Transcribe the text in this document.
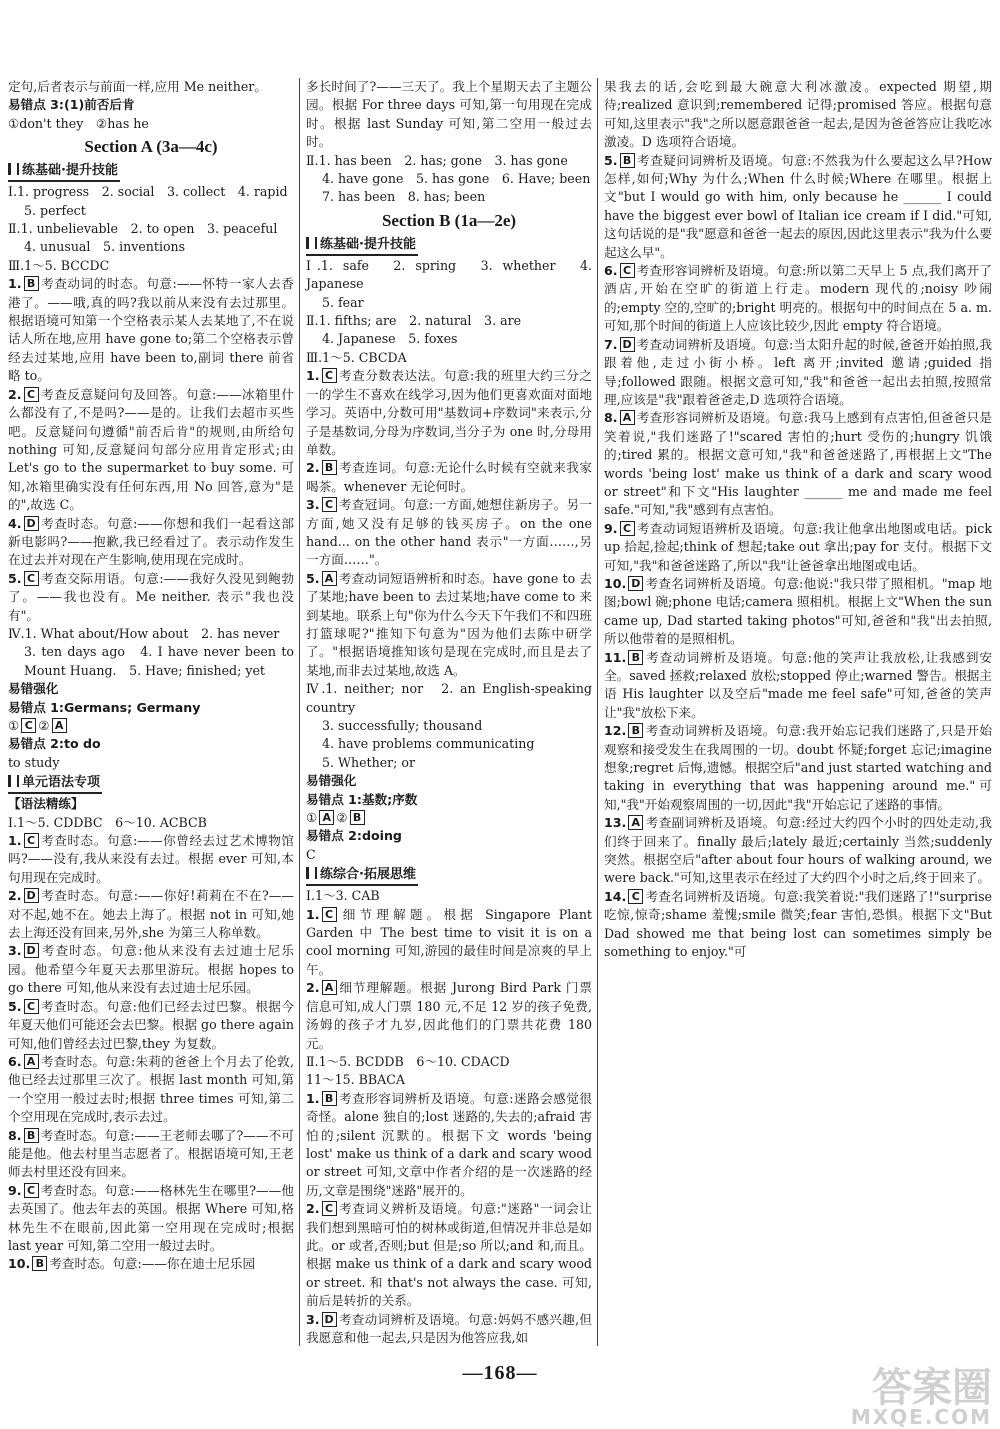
定句,后者表示与前面一样,应用 Me neither。
易错点 3:(1)前否后肯
①don't they　②has he
Section A (3a—4c)
练基础·提升技能
Ⅰ.1. progress　2. social　3. collect　4. rapid
5. perfect
Ⅱ.1. unbelievable　2. to open　3. peaceful
4. unusual　5. inventions
Ⅲ.1～5. BCCDC
1. B 考查动词的时态。句意:——怀特一家人去香港了。——哦,真的吗?我以前从来没有去过那里。根据语境可知第一个空格表示某人去某地了,不在说话人所在地,应用 have gone to;第二个空格表示曾经去过某地,应用 have been to,副词 there 前省略 to。
2. C 考查反意疑问句及回答。句意:——冰箱里什么都没有了,不是吗?——是的。让我们去超市买些吧。反意疑问句遵循"前否后肯"的规则,由所给句 nothing 可知,反意疑问句部分应用肯定形式;由 Let's go to the supermarket to buy some. 可知,冰箱里确实没有任何东西,用 No 回答,意为"是的",故选 C。
4. D 考查时态。句意:——你想和我们一起看这部新电影吗?——抱歉,我已经看过了。表示动作发生在过去并对现在产生影响,使用现在完成时。
5. C 考查交际用语。句意:——我好久没见到鲍勃了。——我也没有。Me neither. 表示"我也没有"。
Ⅳ.1. What about/How about　2. has never
3. ten days ago　4. I have never been to Mount Huang.　5. Have; finished; yet
易错强化
易错点 1:Germans; Germany
① C ② A
易错点 2:to do
to study
单元语法专项
【语法精练】
Ⅰ.1～5. CDDBC　6～10. ACBCB
1. C 考查时态。句意:——你曾经去过艺术博物馆吗?——没有,我从来没有去过。根据 ever 可知,本句用现在完成时。
2. D 考查时态。句意:——你好!莉莉在不在?——对不起,她不在。她去上海了。根据 not in 可知,她去上海还没有回来,另外,she 为第三人称单数。
3. D 考查时态。句意:他从来没有去过迪士尼乐园。他希望今年夏天去那里游玩。根据 hopes to go there 可知,他从来没有去过迪士尼乐园。
5. C 考查时态。句意:他们已经去过巴黎。根据今年夏天他们可能还会去巴黎。根据 go there again 可知,他们曾经去过巴黎,they 为复数。
6. A 考查时态。句意:朱莉的爸爸上个月去了伦敦,他已经去过那里三次了。根据 last month 可知,第一个空用一般过去时;根据 three times 可知,第二个空用现在完成时,表示去过。
8. B 考查时态。句意:——王老师去哪了?——不可能是他。他去村里当志愿者了。根据语境可知,王老师去村里还没有回来。
9. C 考查时态。句意:——格林先生在哪里?——他去英国了。他去年去的英国。根据 Where 可知,格林先生不在眼前,因此第一空用现在完成时;根据 last year 可知,第二空用一般过去时。
10. B 考查时态。句意:——你在迪士尼乐园
多长时间了?——三天了。我上个星期天去了主题公园。根据 For three days 可知,第一句用现在完成时。根据 last Sunday 可知,第二空用一般过去时。
Ⅱ.1. has been　2. has; gone　3. has gone
4. have gone　5. has gone　6. Have; been
7. has been　8. has; been
Section B (1a—2e)
练基础·提升技能
Ⅰ.1. safe　2. spring　3. whether　4. Japanese
5. fear
Ⅱ.1. fifths; are　2. natural　3. are
4. Japanese　5. foxes
Ⅲ.1～5. CBCDA
1. C 考查分数表达法。句意:我的班里大约三分之一的学生不喜欢在线学习,因为他们更喜欢面对面地学习。英语中,分数可用"基数词+序数词"来表示,分子是基数词,分母为序数词,当分子为 one 时,分母用单数。
2. B 考查连词。句意:无论什么时候有空就来我家喝茶。whenever 无论何时。
3. C 考查冠词。句意:一方面,她想住新房子。另一方面,她又没有足够的钱买房子。on the one hand... on the other hand 表示"一方面……,另一方面……"。
5. A 考查动词短语辨析和时态。have gone to 去了某地;have been to 去过某地;have come to 来到某地。联系上句"你为什么今天下午我们不和四班打篮球呢?"推知下句意为"因为他们去陈中研学了。"根据语境推知该句是现在完成时,而且是去了某地,而非去过某地,故选 A。
Ⅳ.1. neither; nor　2. an English-speaking country
3. successfully; thousand
4. have problems communicating
5. Whether; or
易错强化
易错点 1:基数;序数
① A ② B
易错点 2:doing
C
练综合·拓展思维
Ⅰ.1～3. CAB
1. C 细节理解题。根据 Singapore Plant Garden 中 The best time to visit it is on a cool morning 可知,游园的最佳时间是凉爽的早上午。
2. A 细节理解题。根据 Jurong Bird Park 门票信息可知,成人门票 180 元,不足 12 岁的孩子免费,汤姆的孩子才九岁,因此他们的门票共花费 180 元。
Ⅱ.1～5. BCDDB　6～10. CDACD
11～15. BBACA
1. B 考查形容词辨析及语境。句意:迷路会感觉很奇怪。alone 独自的;lost 迷路的,失去的;afraid 害怕的;silent 沉默的。根据下文 words 'being lost' make us think of a dark and scary wood or street 可知,文章中作者介绍的是一次迷路的经历,文章是围绕"迷路"展开的。
2. C 考查词义辨析及语境。句意:"迷路"一词会让我们想到黑暗可怕的树林或街道,但情况并非总是如此。or 或者,否则;but 但是;so 所以;and 和,而且。根据 make us think of a dark and scary wood or street. 和 that's not always the case. 可知,前后是转折的关系。
3. D 考查动词辨析及语境。句意:妈妈不感兴趣,但我愿意和他一起去,只是因为他答应我,如
果我去的话,会吃到最大碗意大利冰激凌。expected 期望,期待;realized 意识到;remembered 记得;promised 答应。根据句意可知,这里表示"我"之所以愿意跟爸爸一起去,是因为爸爸答应让我吃冰激凌。D 选项符合语境。
5. B 考查疑问词辨析及语境。句意:不然我为什么要起这么早?How 怎样,如何;Why 为什么;When 什么时候;Where 在哪里。根据上文"but I would go with him, only because he ______ I could have the biggest ever bowl of Italian ice cream if I did."可知,这句话说的是"我"愿意和爸爸一起去的原因,因此这里表示"我为什么要起这么早"。
6. C 考查形容词辨析及语境。句意:所以第二天早上 5 点,我们离开了酒店,开始在空旷的街道上行走。modern 现代的;noisy 吵闹的;empty 空的,空旷的;bright 明亮的。根据句中的时间点在 5 a. m. 可知,那个时间的街道上人应该比较少,因此 empty 符合语境。
7. D 考查动词辨析及语境。句意:当太阳升起的时候,爸爸开始拍照,我跟着他,走过小街小桥。left 离开;invited 邀请;guided 指导;followed 跟随。根据文意可知,"我"和爸爸一起出去拍照,按照常理,应该是"我"跟着爸爸走,D 选项符合语境。
8. A 考查形容词辨析及语境。句意:我马上感到有点害怕,但爸爸只是笑着说,"我们迷路了!"scared 害怕的;hurt 受伤的;hungry 饥饿的;tired 累的。根据文意可知,"我"和爸爸迷路了,再根据上文"The words 'being lost' make us think of a dark and scary wood or street"和下文"His laughter ______ me and made me feel safe."可知,"我"感到有点害怕。
9. C 考查动词短语辨析及语境。句意:我让他拿出地图或电话。pick up 拾起,捡起;think of 想起;take out 拿出;pay for 支付。根据下文可知,"我"和爸爸迷路了,所以"我"让爸爸拿出地图或电话。
10. D 考查名词辨析及语境。句意:他说:"我只带了照相机。"map 地图;bowl 碗;phone 电话;camera 照相机。根据上文"When the sun came up, Dad started taking photos"可知,爸爸和"我"出去拍照,所以他带着的是照相机。
11. B 考查动词辨析及语境。句意:他的笑声让我放松,让我感到安全。saved 拯救;relaxed 放松;stopped 停止;warned 警告。根据主语 His laughter 以及空后"made me feel safe"可知,爸爸的笑声让"我"放松下来。
12. B 考查动词辨析及语境。句意:我开始忘记我们迷路了,只是开始观察和接受发生在我周围的一切。doubt 怀疑;forget 忘记;imagine 想象;regret 后悔,遗憾。根据空后"and just started watching and taking in everything that was happening around me."可知,"我"开始观察周围的一切,因此"我"开始忘记了迷路的事情。
13. A 考查副词辨析及语境。句意:经过大约四个小时的四处走动,我们终于回来了。finally 最后;lately 最近;certainly 当然;suddenly 突然。根据空后"after about four hours of walking around, we were back."可知,这里表示在经过了大约四个小时之后,终于回来了。
14. C 考查名词辨析及语境。句意:我笑着说:"我们迷路了!"surprise 吃惊,惊奇;shame 羞愧;smile 微笑;fear 害怕,恐惧。根据下文"But Dad showed me that being lost can sometimes simply be something to enjoy."可
—168—	答案圈
MXQE.COM
